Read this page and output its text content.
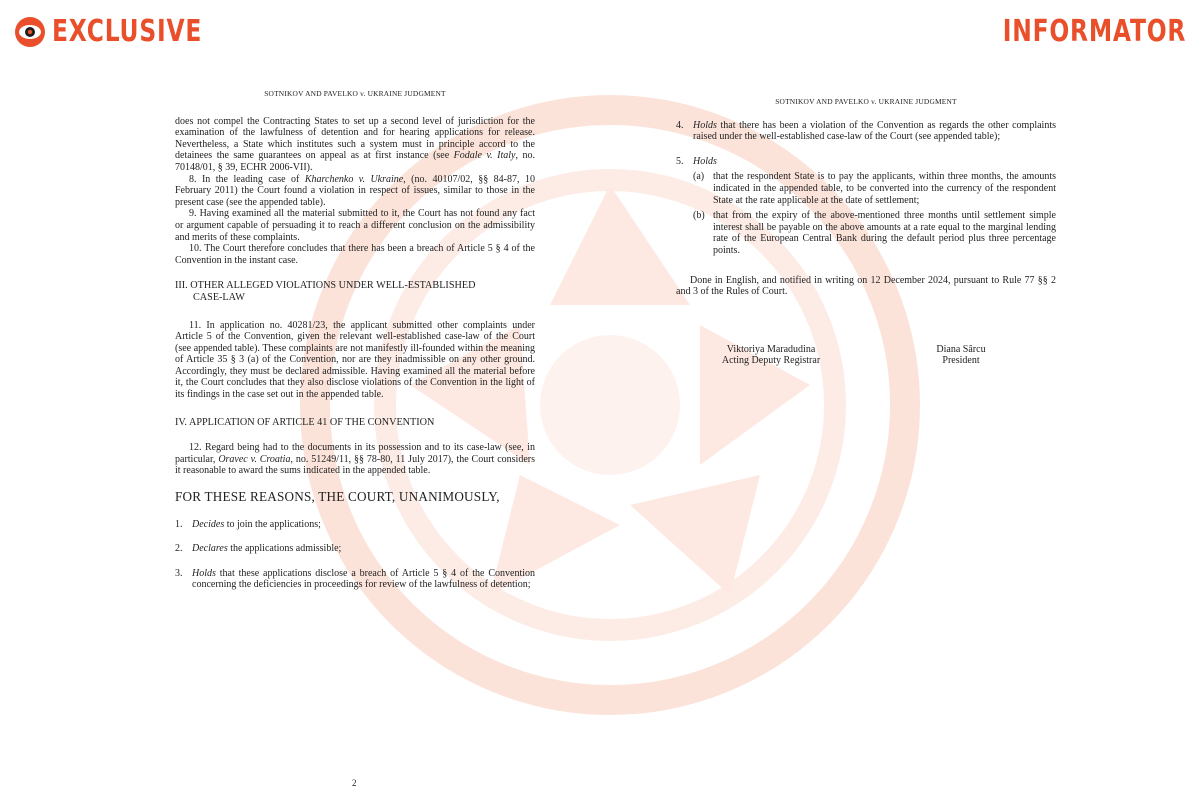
EXCLUSIVE	INFORMATOR
SOTNIKOV AND PAVELKO v. UKRAINE JUDGMENT

does not compel the Contracting States to set up a second level of jurisdiction for the examination of the lawfulness of detention and for hearing applications for release. Nevertheless, a State which institutes such a system must in principle accord to the detainees the same guarantees on appeal as at first instance (see Fodale v. Italy, no. 70148/01, § 39, ECHR 2006-VII).

8. In the leading case of Kharchenko v. Ukraine, (no. 40107/02, §§ 84-87, 10 February 2011) the Court found a violation in respect of issues, similar to those in the present case (see the appended table).

9. Having examined all the material submitted to it, the Court has not found any fact or argument capable of persuading it to reach a different conclusion on the admissibility and merits of these complaints.

10. The Court therefore concludes that there has been a breach of Article 5 § 4 of the Convention in the instant case.

III. OTHER ALLEGED VIOLATIONS UNDER WELL-ESTABLISHED
CASE-LAW

11. In application no. 40281/23, the applicant submitted other complaints under Article 5 of the Convention, given the relevant well-established case-law of the Court (see appended table). These complaints are not manifestly ill-founded within the meaning of Article 35 § 3 (a) of the Convention, nor are they inadmissible on any other ground. Accordingly, they must be declared admissible. Having examined all the material before it, the Court concludes that they also disclose violations of the Convention in the light of its findings in the case set out in the appended table.

IV. APPLICATION OF ARTICLE 41 OF THE CONVENTION

12. Regard being had to the documents in its possession and to its case-law (see, in particular, Oravec v. Croatia, no. 51249/11, §§ 78-80, 11 July 2017), the Court considers it reasonable to award the sums indicated in the appended table.

FOR THESE REASONS, THE COURT, UNANIMOUSLY,
1. Decides to join the applications;
2. Declares the applications admissible;
3. Holds that these applications disclose a breach of Article 5 § 4 of the Convention concerning the deficiencies in proceedings for review of the lawfulness of detention;
2
SOTNIKOV AND PAVELKO v. UKRAINE JUDGMENT
4. Holds that there has been a violation of the Convention as regards the other complaints raised under the well-established case-law of the Court (see appended table);
5. Holds
(a) that the respondent State is to pay the applicants, within three months, the amounts indicated in the appended table, to be converted into the currency of the respondent State at the rate applicable at the date of settlement;
(b) that from the expiry of the above-mentioned three months until settlement simple interest shall be payable on the above amounts at a rate equal to the marginal lending rate of the European Central Bank during the default period plus three percentage points.

Done in English, and notified in writing on 12 December 2024, pursuant to Rule 77 §§ 2 and 3 of the Rules of Court.

Viktoriya Maradudina
Acting Deputy Registrar
Diana Sârcu
President
